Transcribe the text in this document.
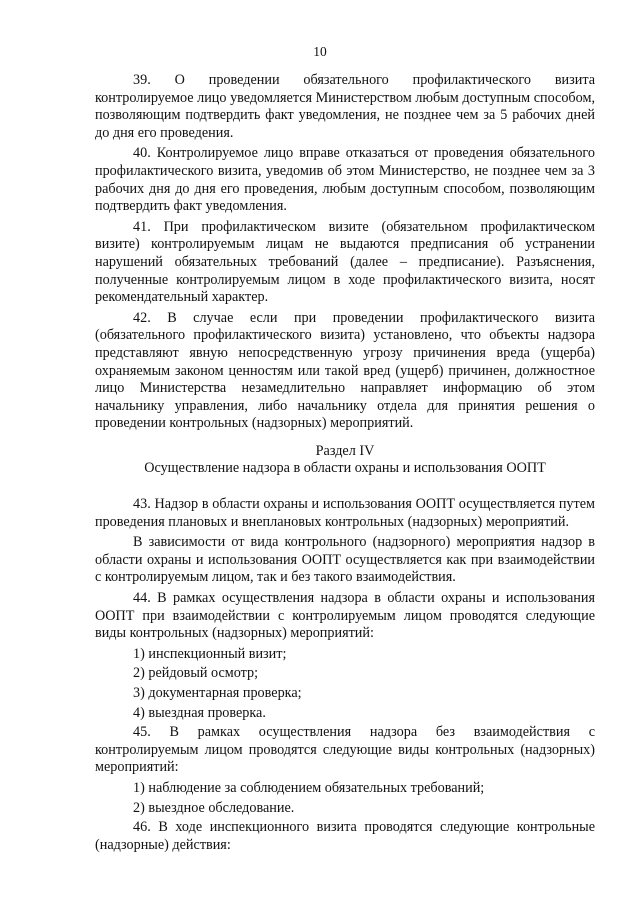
10

39. О проведении обязательного профилактического визита контролируемое лицо уведомляется Министерством любым доступным способом, позволяющим подтвердить факт уведомления, не позднее чем за 5 рабочих дней до дня его проведения.

40. Контролируемое лицо вправе отказаться от проведения обязательного профилактического визита, уведомив об этом Министерство, не позднее чем за 3 рабочих дня до дня его проведения, любым доступным способом, позволяющим подтвердить факт уведомления.

41. При профилактическом визите (обязательном профилактическом визите) контролируемым лицам не выдаются предписания об устранении нарушений обязательных требований (далее – предписание). Разъяснения, полученные контролируемым лицом в ходе профилактического визита, носят рекомендательный характер.

42. В случае если при проведении профилактического визита (обязательного профилактического визита) установлено, что объекты надзора представляют явную непосредственную угрозу причинения вреда (ущерба) охраняемым законом ценностям или такой вред (ущерб) причинен, должностное лицо Министерства незамедлительно направляет информацию об этом начальнику управления, либо начальнику отдела для принятия решения о проведении контрольных (надзорных) мероприятий.

Раздел IV
Осуществление надзора в области охраны и использования ООПТ

43. Надзор в области охраны и использования ООПТ осуществляется путем проведения плановых и внеплановых контрольных (надзорных) мероприятий.

В зависимости от вида контрольного (надзорного) мероприятия надзор в области охраны и использования ООПТ осуществляется как при взаимодействии с контролируемым лицом, так и без такого взаимодействия.

44. В рамках осуществления надзора в области охраны и использования ООПТ при взаимодействии с контролируемым лицом проводятся следующие виды контрольных (надзорных) мероприятий:

1) инспекционный визит;

2) рейдовый осмотр;

3) документарная проверка;

4) выездная проверка.

45. В рамках осуществления надзора без взаимодействия с контролируемым лицом проводятся следующие виды контрольных (надзорных) мероприятий:

1) наблюдение за соблюдением обязательных требований;

2) выездное обследование.

46. В ходе инспекционного визита проводятся следующие контрольные (надзорные) действия:
